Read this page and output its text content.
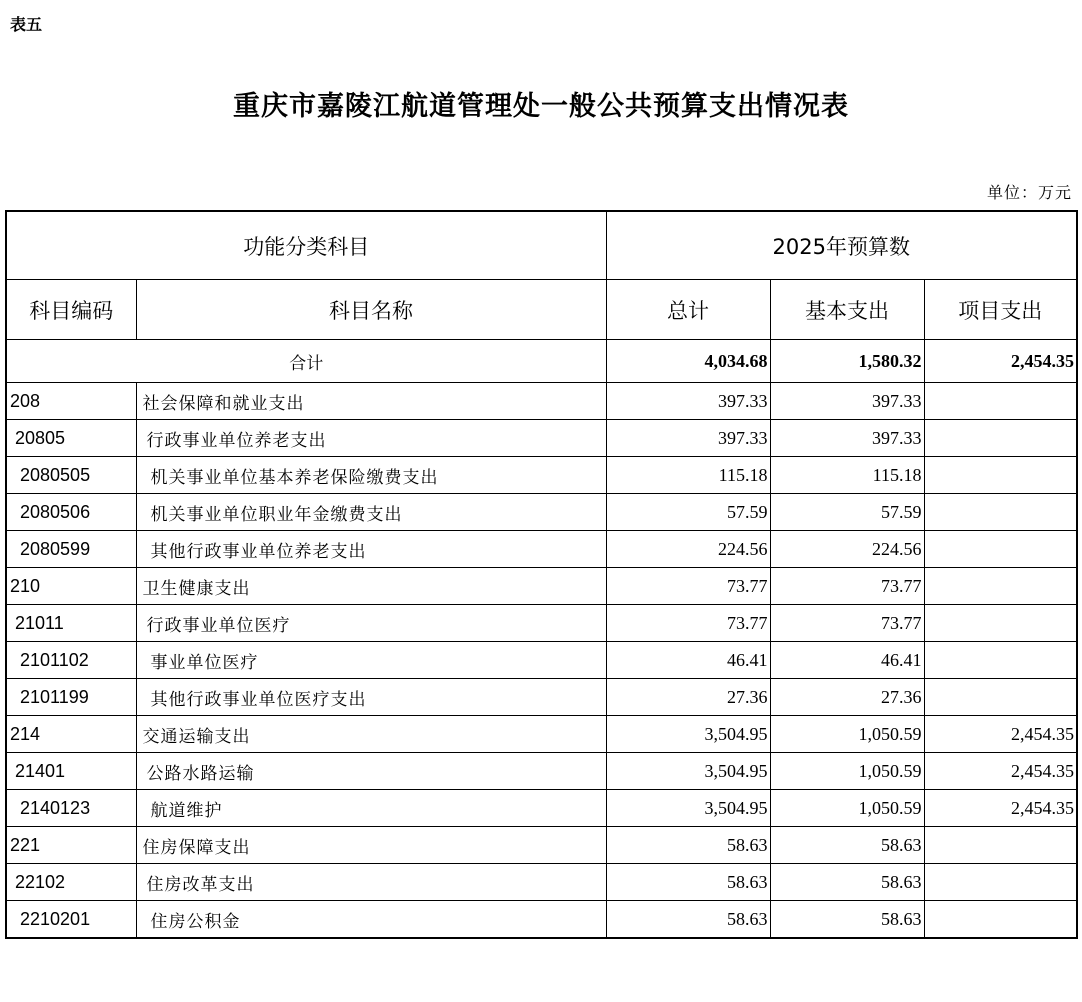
表五
重庆市嘉陵江航道管理处一般公共预算支出情况表
单位：万元
功能分类科目		2025年预算数		
科目编码	科目名称	总计	基本支出	项目支出
合计		4,034.68	1,580.32	2,454.35
208	社会保障和就业支出	397.33	397.33	
20805	行政事业单位养老支出	397.33	397.33	
2080505	机关事业单位基本养老保险缴费支出	115.18	115.18	
2080506	机关事业单位职业年金缴费支出	57.59	57.59	
2080599	其他行政事业单位养老支出	224.56	224.56	
210	卫生健康支出	73.77	73.77	
21011	行政事业单位医疗	73.77	73.77	
2101102	事业单位医疗	46.41	46.41	
2101199	其他行政事业单位医疗支出	27.36	27.36	
214	交通运输支出	3,504.95	1,050.59	2,454.35
21401	公路水路运输	3,504.95	1,050.59	2,454.35
2140123	航道维护	3,504.95	1,050.59	2,454.35
221	住房保障支出	58.63	58.63	
22102	住房改革支出	58.63	58.63	
2210201	住房公积金	58.63	58.63	
